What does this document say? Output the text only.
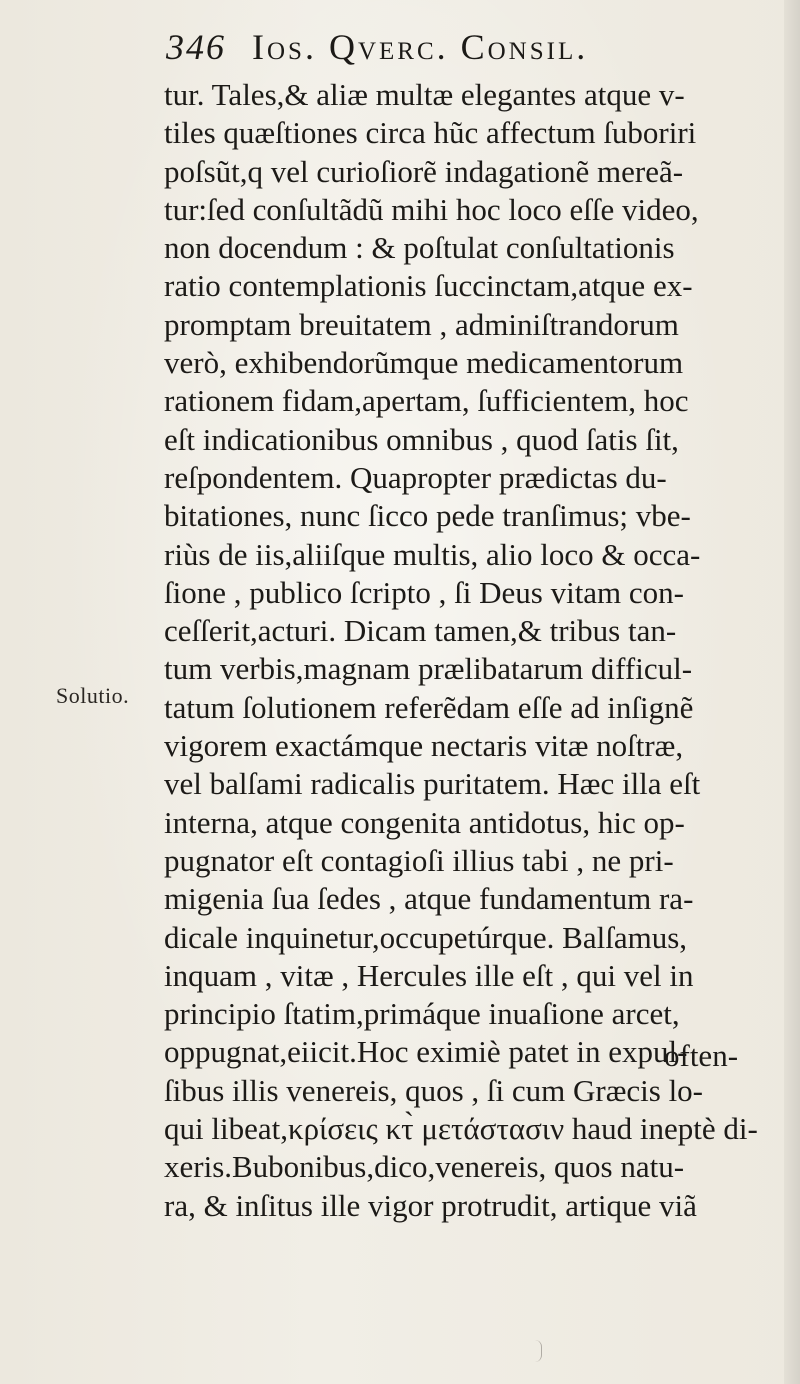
346 Ios. Qverc. Consil.
Solutio.
tur. Tales,& aliæ multæ elegantes atque v-
tiles quæſtiones circa hũc affectum ſuboriri
poſsũt,q vel curioſiorẽ indagationẽ mereã-
tur:ſed conſultãdũ mihi hoc loco eſſe video,
non docendum : & poſtulat conſultationis
ratio contemplationis ſuccinctam,atque ex-
promptam breuitatem , adminiſtrandorum
verò, exhibendorũmque medicamentorum
rationem fidam,apertam, ſufficientem, hoc
eſt indicationibus omnibus , quod ſatis ſit,
reſpondentem. Quapropter prædictas du-
bitationes, nunc ſicco pede tranſimus; vbe-
riùs de iis,aliiſque multis, alio loco & occa-
ſione , publico ſcripto , ſi Deus vitam con-
ceſſerit,acturi. Dicam tamen,& tribus tan-
tum verbis,magnam prælibatarum difficul-
tatum ſolutionem referẽdam eſſe ad inſignẽ
vigorem exactámque nectaris vitæ noſtræ,
vel balſami radicalis puritatem. Hæc illa eſt
interna, atque congenita antidotus, hic op-
pugnator eſt contagioſi illius tabi , ne pri-
migenia ſua ſedes , atque fundamentum ra-
dicale inquinetur,occupetúrque. Balſamus,
inquam , vitæ , Hercules ille eſt , qui vel in
principio ſtatim,primáque inuaſione arcet,
oppugnat,eiicit.Hoc eximiè patet in expul-
ſibus illis venereis, quos , ſi cum Græcis lo-
qui libeat,κρίσεις κτ̀ μετάστασιν haud ineptè di-
xeris.Bubonibus,dico,venereis, quos natu-
ra, & inſitus ille vigor protrudit, artique viã
often-
